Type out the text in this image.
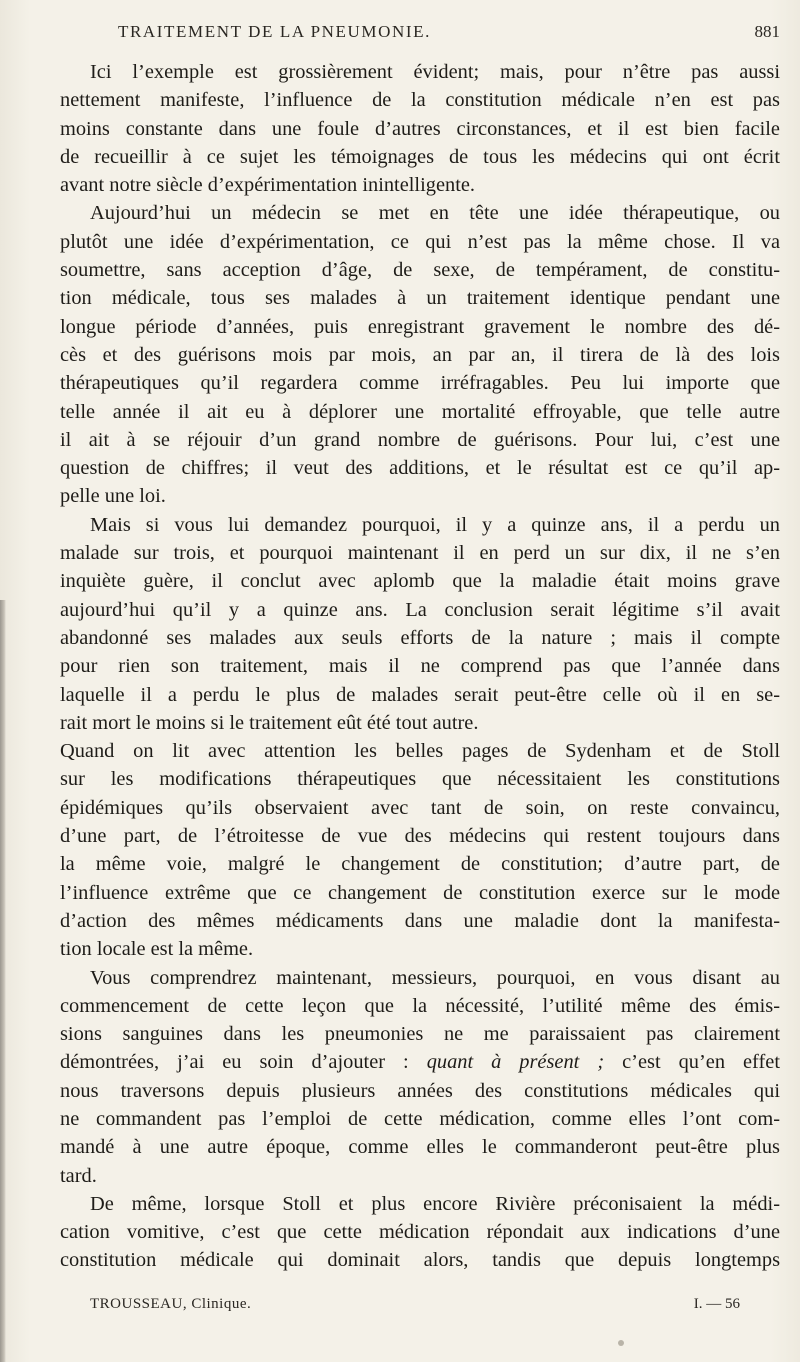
TRAITEMENT DE LA PNEUMONIE.	881
Ici l’exemple est grossièrement évident; mais, pour n’être pas aussi
nettement manifeste, l’influence de la constitution médicale n’en est pas
moins constante dans une foule d’autres circonstances, et il est bien facile
de recueillir à ce sujet les témoignages de tous les médecins qui ont écrit
avant notre siècle d’expérimentation inintelligente.
Aujourd’hui un médecin se met en tête une idée thérapeutique, ou
plutôt une idée d’expérimentation, ce qui n’est pas la même chose. Il va
soumettre, sans acception d’âge, de sexe, de tempérament, de constitu-
tion médicale, tous ses malades à un traitement identique pendant une
longue période d’années, puis enregistrant gravement le nombre des dé-
cès et des guérisons mois par mois, an par an, il tirera de là des lois
thérapeutiques qu’il regardera comme irréfragables. Peu lui importe que
telle année il ait eu à déplorer une mortalité effroyable, que telle autre
il ait à se réjouir d’un grand nombre de guérisons. Pour lui, c’est une
question de chiffres; il veut des additions, et le résultat est ce qu’il ap-
pelle une loi.
Mais si vous lui demandez pourquoi, il y a quinze ans, il a perdu un
malade sur trois, et pourquoi maintenant il en perd un sur dix, il ne s’en
inquiète guère, il conclut avec aplomb que la maladie était moins grave
aujourd’hui qu’il y a quinze ans. La conclusion serait légitime s’il avait
abandonné ses malades aux seuls efforts de la nature ; mais il compte
pour rien son traitement, mais il ne comprend pas que l’année dans
laquelle il a perdu le plus de malades serait peut-être celle où il en se-
rait mort le moins si le traitement eût été tout autre.
Quand on lit avec attention les belles pages de Sydenham et de Stoll
sur les modifications thérapeutiques que nécessitaient les constitutions
épidémiques qu’ils observaient avec tant de soin, on reste convaincu,
d’une part, de l’étroitesse de vue des médecins qui restent toujours dans
la même voie, malgré le changement de constitution; d’autre part, de
l’influence extrême que ce changement de constitution exerce sur le mode
d’action des mêmes médicaments dans une maladie dont la manifesta-
tion locale est la même.
Vous comprendrez maintenant, messieurs, pourquoi, en vous disant au
commencement de cette leçon que la nécessité, l’utilité même des émis-
sions sanguines dans les pneumonies ne me paraissaient pas clairement
démontrées, j’ai eu soin d’ajouter : quant à présent ; c’est qu’en effet
nous traversons depuis plusieurs années des constitutions médicales qui
ne commandent pas l’emploi de cette médication, comme elles l’ont com-
mandé à une autre époque, comme elles le commanderont peut-être plus
tard.
De même, lorsque Stoll et plus encore Rivière préconisaient la médi-
cation vomitive, c’est que cette médication répondait aux indications d’une
constitution médicale qui dominait alors, tandis que depuis longtemps
TROUSSEAU, Clinique.	I. — 56
